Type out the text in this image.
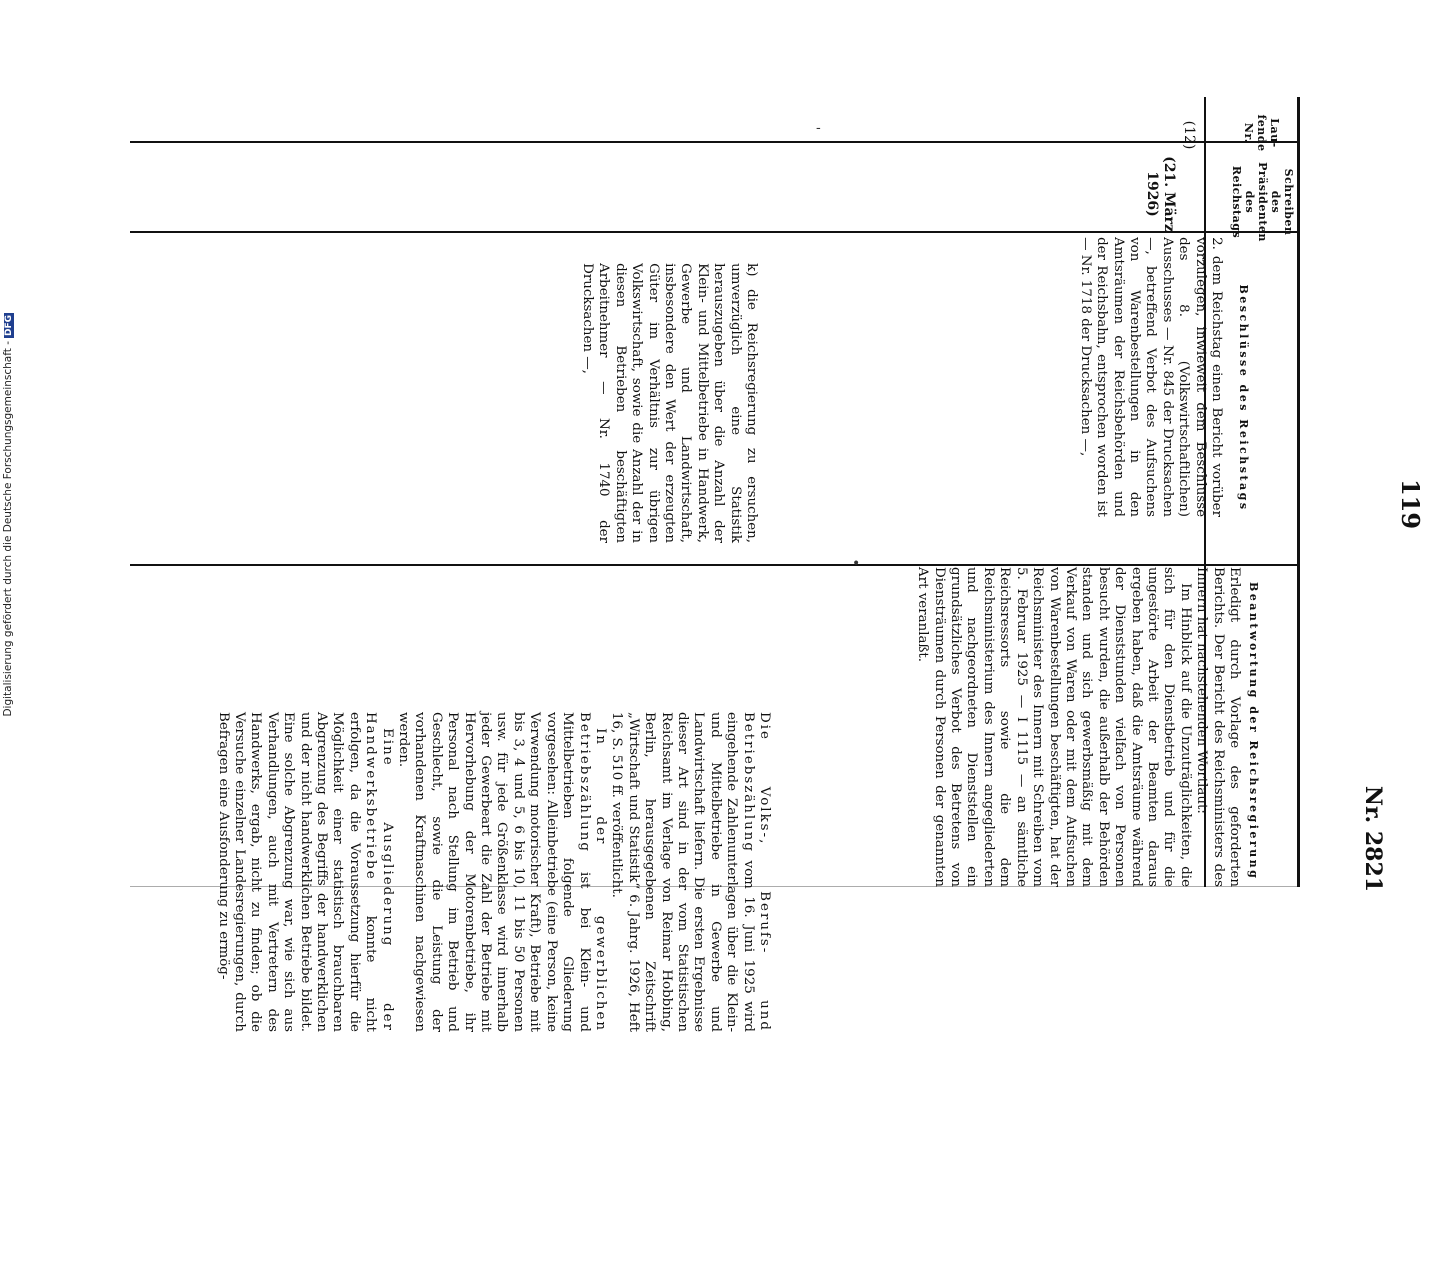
Digitalisierung gefördert durch die Deutsche Forschungsgemeinschaft -DFG
119
Nr. 2821
Lau-
fende
Nr.
Schreiben
des
Präsidenten
des
Reichstags
Beschlüsse des Reichstags
Beantwortung der Reichsregierung
(12)
(21. März
1926)

2. dem Reichstag einen Bericht vorüber vorzulegen, inwieweit dem Beschlusse des 8. (Volkswirtschaftlichen) Ausschusses — Nr. 845 der Drucksachen —, betreffend Verbot des Aufsuchens von Warenbestellungen in den Amtsräumen der Reichsbehörden und der Reichsbahn, entsprochen worden ist — Nr. 1718 der Drucksachen —,

k) die Reichsregierung zu ersuchen, umverzüglich eine Statistik herauszugeben über die Anzahl der Klein- und Mittelbetriebe in Handwerk, Gewerbe und Landwirtschaft, insbesondere den Wert der erzeugten Güter im Verhältnis zur übrigen Volkswirtschaft, sowie die Anzahl der in diesen Betrieben beschäftigten Arbeitnehmer — Nr. 1740 der Drucksachen —,

Erledigt durch Vorlage des geforderten Berichts. Der Bericht des Reichsministers des Innern hat nachstehenden Wortlaut:

Im Hinblick auf die Unzuträglichkeiten, die sich für den Dienstbetrieb und für die ungestörte Arbeit der Beamten daraus ergeben haben, daß die Amtsräume während der Dienststunden vielfach von Personen besucht wurden, die außerhalb der Behörden standen und sich gewerbsmäßig mit dem Verkauf von Waren oder mit dem Aufsuchen von Warenbestellungen beschäftigten, hat der Reichsminister des Innern mit Schreiben vom 5. Februar 1925 — I 1115 — an sämtliche Reichsressorts sowie die dem Reichsministerium des Innern angegliederten und nachgeordneten Dienststellen ein grundsätzliches Verbot des Betretens von Diensträumen durch Personen der genannten Art veranlaßt.

Die Volks-, Berufs- und Betriebszählung vom 16. Juni 1925 wird eingehende Zahlenunterlagen über die Klein- und Mittelbetriebe in Gewerbe und Landwirtschaft liefern. Die ersten Ergebnisse dieser Art sind in der vom Statistischen Reichsamt im Verlage von Reimar Hobbing, Berlin, herausgegebenen Zeitschrift „Wirtschaft und Statistik“ 6. Jahrg. 1926, Heft 16, S. 510 ff. veröffentlicht.

In der gewerblichen Betriebszählung ist bei Klein- und Mittelbetrieben folgende Gliederung vorgesehen: Alleinbetriebe (eine Person, keine Verwendung motorischer Kraft), Betriebe mit bis 3, 4 und 5, 6 bis 10, 11 bis 50 Personen usw. für jede Größenklasse wird innerhalb jeder Gewerbeart die Zahl der Betriebe mit Hervorhebung der Motorenbetriebe, ihr Personal nach Stellung im Betrieb und Geschlecht, sowie die Leistung der vorhandenen Kraftmaschinen nachgewiesen werden.

Eine Ausgliederung der Handwerksbetriebe konnte nicht erfolgen, da die Voraussetzung hierfür die Möglichkeit einer statistisch brauchbaren Abgrenzung des Begriffs der handwerklichen und der nicht handwerklichen Betriebe bildet. Eine solche Abgrenzung war, wie sich aus Verhandlungen, auch mit Vertretern des Handwerks, ergab, nicht zu finden; ob die Versuche einzelner Landesregierungen, durch Befragen eine Ausfonderung zu ermög-

‐
•
